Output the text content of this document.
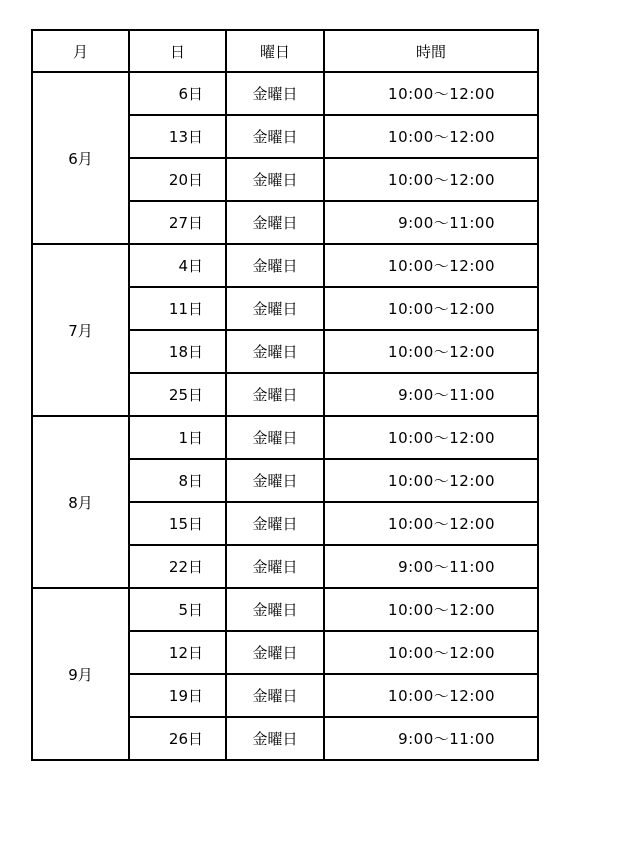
月	日	曜日	時間
6月	6日	金曜日	10:00～12:00
	13日	金曜日	10:00～12:00
	20日	金曜日	10:00～12:00
	27日	金曜日	9:00～11:00
7月	4日	金曜日	10:00～12:00
	11日	金曜日	10:00～12:00
	18日	金曜日	10:00～12:00
	25日	金曜日	9:00～11:00
8月	1日	金曜日	10:00～12:00
	8日	金曜日	10:00～12:00
	15日	金曜日	10:00～12:00
	22日	金曜日	9:00～11:00
9月	5日	金曜日	10:00～12:00
	12日	金曜日	10:00～12:00
	19日	金曜日	10:00～12:00
	26日	金曜日	9:00～11:00
